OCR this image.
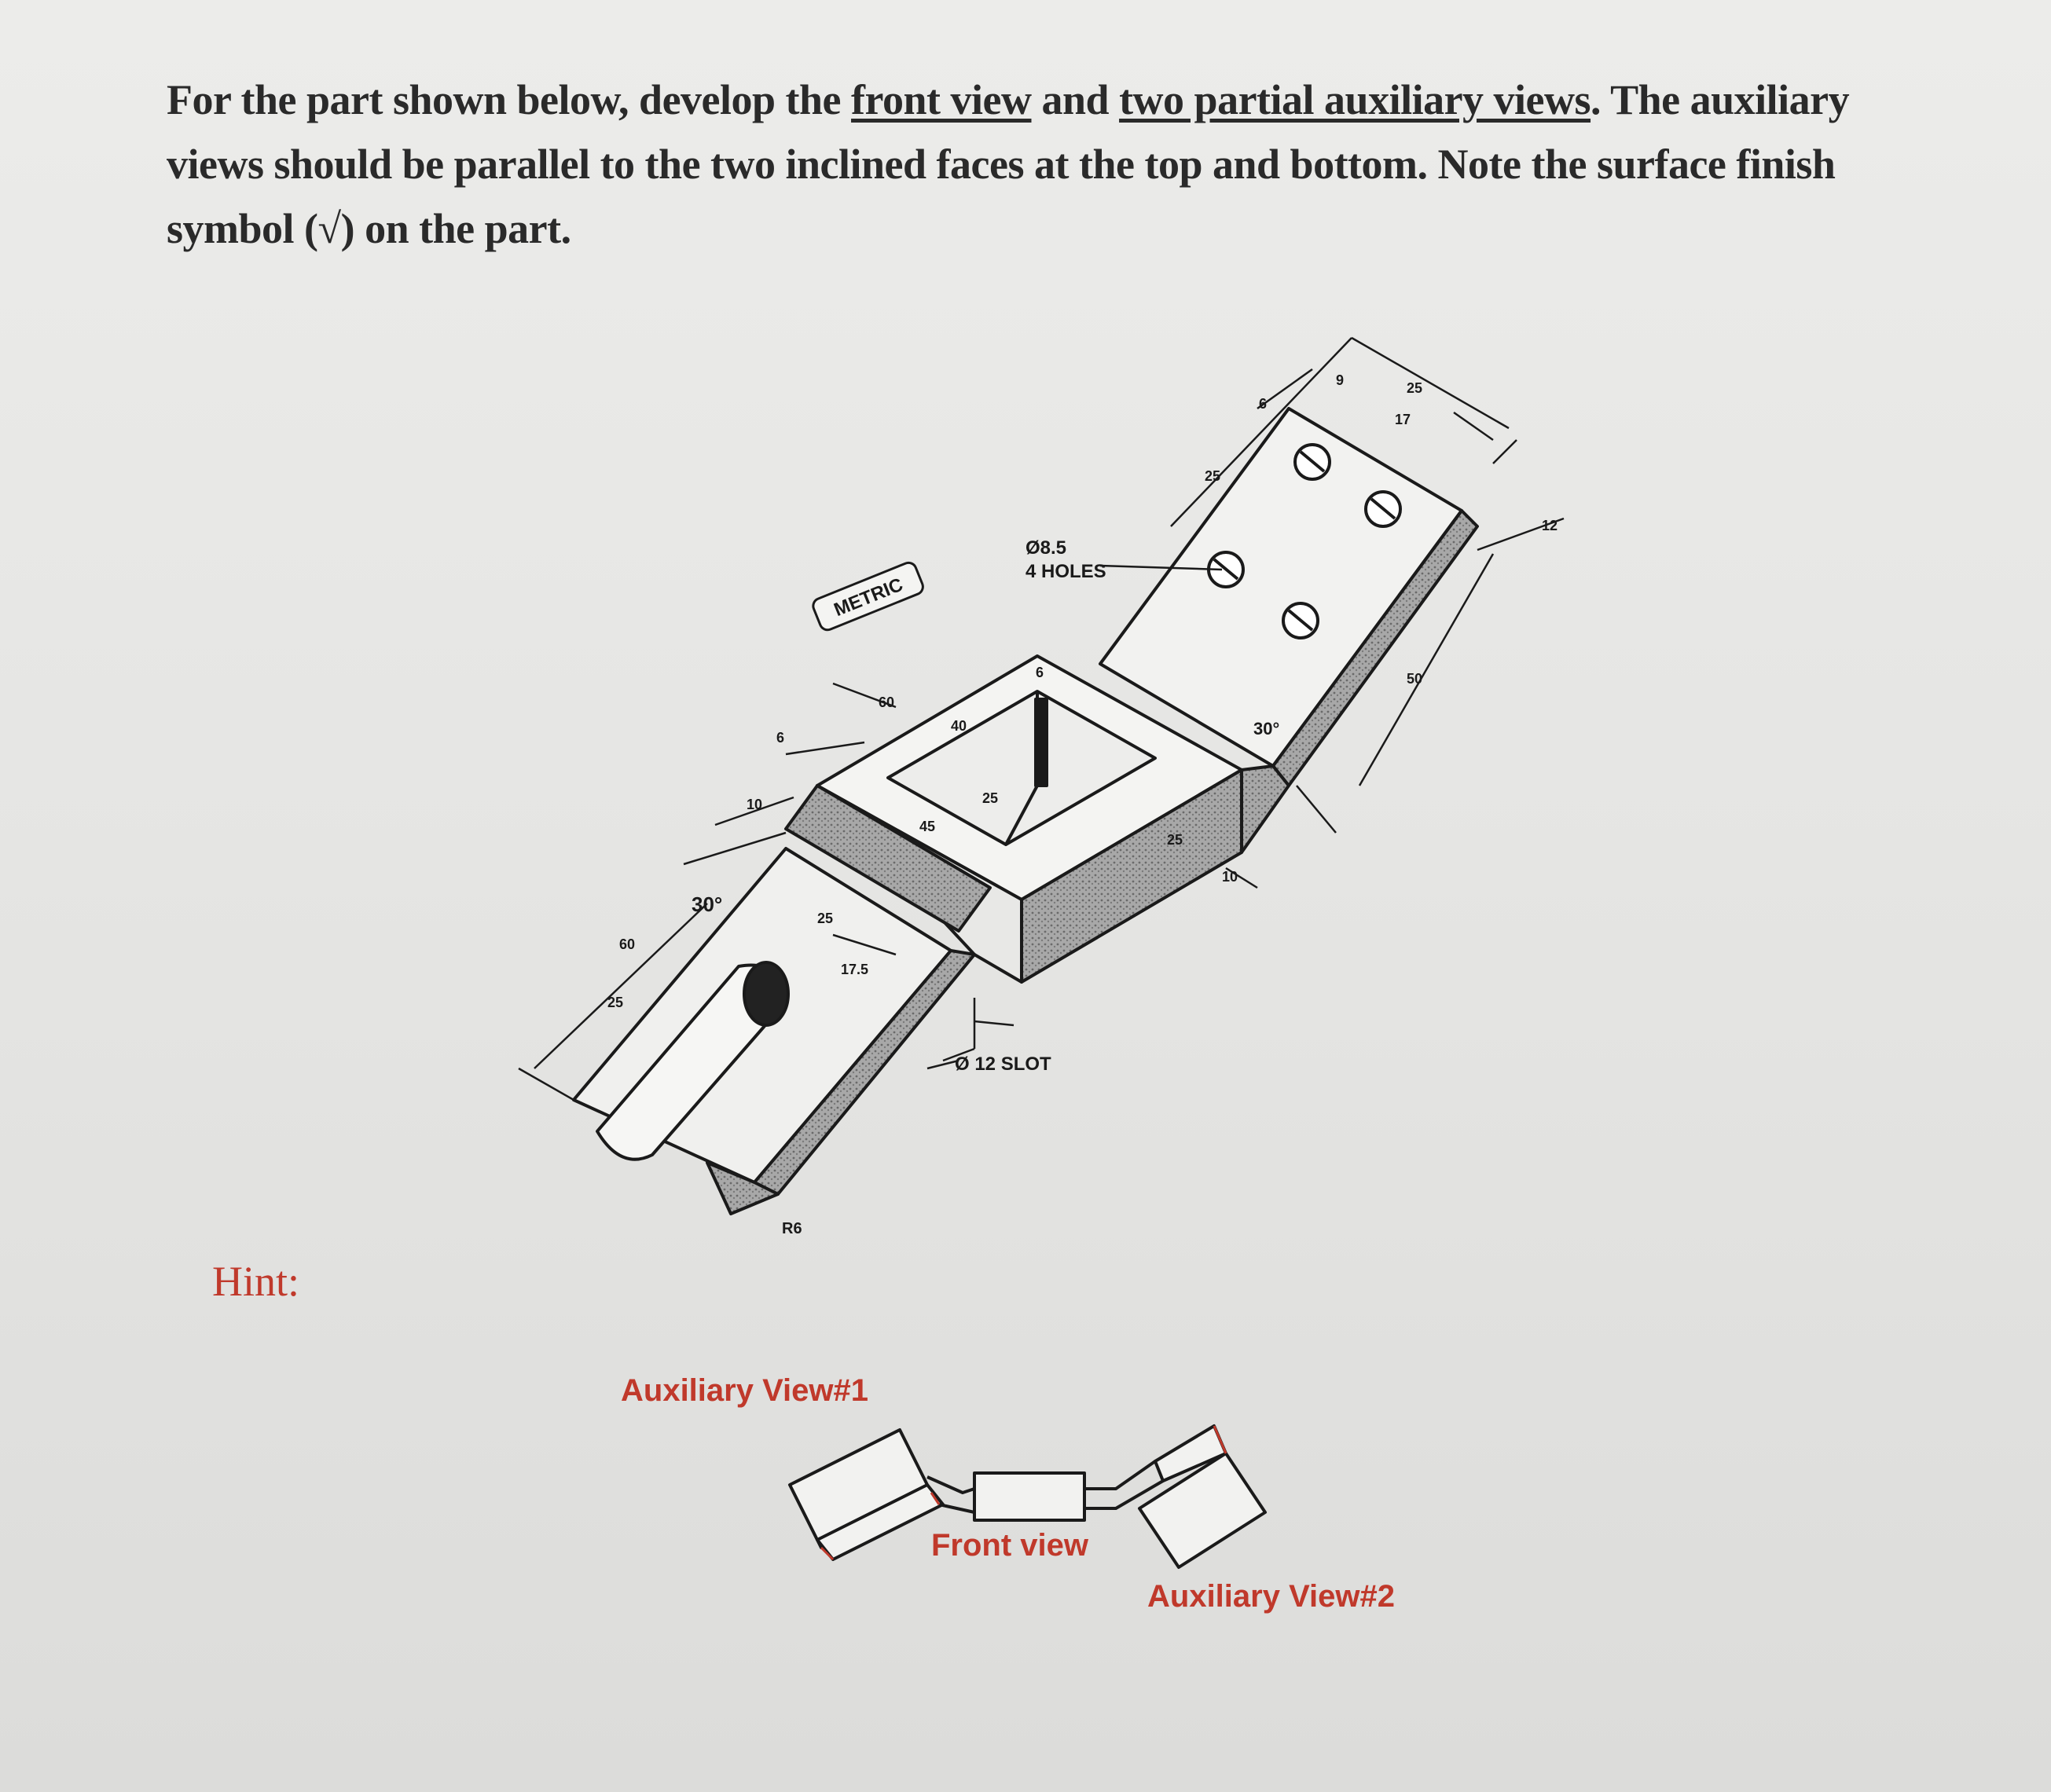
For the part shown below, develop the front view and two partial auxiliary views. The auxiliary views should be parallel to the two inclined faces at the top and bottom. Note the surface finish symbol (√) on the part.

METRIC
Ø8.5
4 HOLES
Ø 12 SLOT
30°
30°
R6
60
25
60
6
10
40
25
45
17.5
25
6
9
17
25
50
12
10
6
25
25
Hint:
Auxiliary View#1
Front view
Auxiliary View#2
